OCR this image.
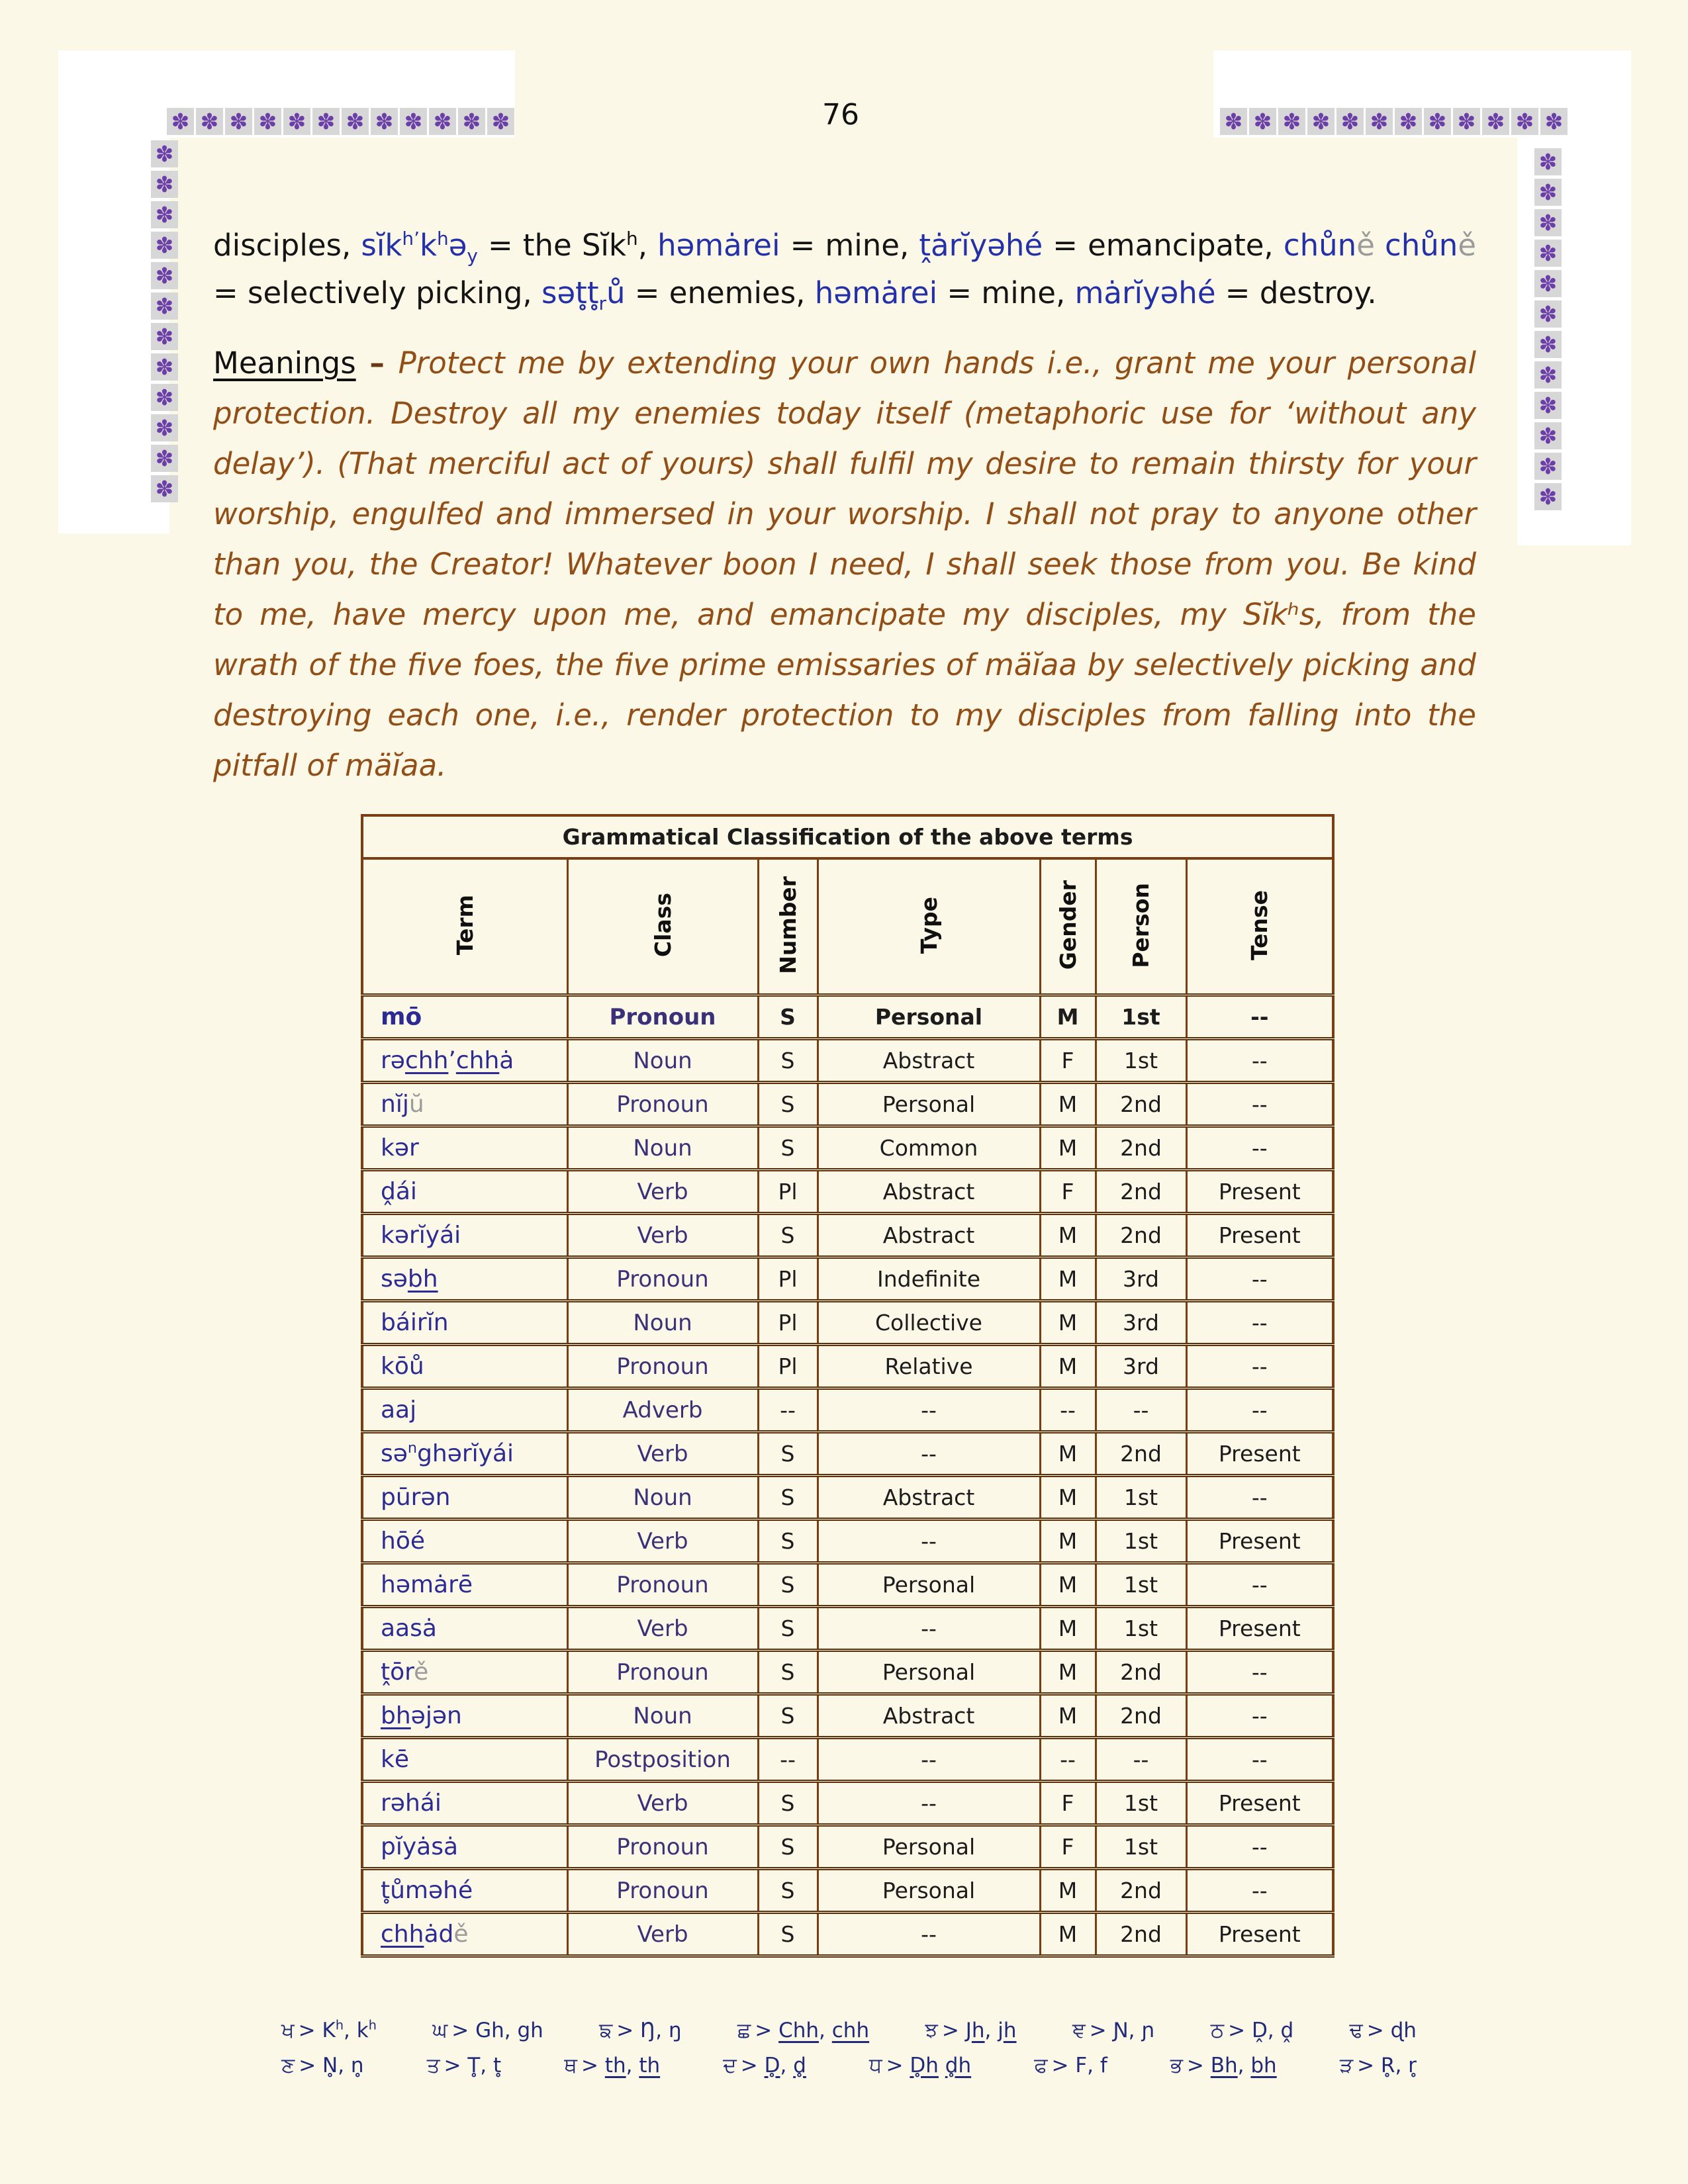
✽ ✽ ✽ ✽ ✽ ✽ ✽ ✽ ✽ ✽ ✽ ✽	✽ ✽ ✽ ✽ ✽ ✽ ✽ ✽ ✽ ✽ ✽ ✽
✽
✽
✽
✽
✽
✽
✽
✽
✽
✽
✽
✽
✽
✽
✽
✽
✽
✽
✽
✽
✽
✽
✽
✽
76

disciples, $sĭk^{h’}k^hə_y$ = the Sĭk$^h$, həmȧrei = mine, ṱȧrĭyəhé = emancipate, chůně chůně = selectively picking, $sət̥t̥_rů$ = enemies, həmȧrei = mine, mȧrĭyəhé = destroy.

Meanings – Protect me by extending your own hands i.e., grant me your personal protection. Destroy all my enemies today itself (metaphoric use for ‘without any delay’). (That merciful act of yours) shall fulfil my desire to remain thirsty for your worship, engulfed and immersed in your worship. I shall not pray to anyone other than you, the Creator! Whatever boon I need, I shall seek those from you. Be kind to me, have mercy upon me, and emancipate my disciples, my Sĭkʰs, from the wrath of the five foes, the five prime emissaries of mäĭaa by selectively picking and destroying each one, i.e., render protection to my disciples from falling into the pitfall of mäĭaa.

Grammatical Classification of the above terms						
Term	Class	Number	Type	Gender	Person	Tense
mō	Pronoun	S	Personal	M	1st	--
rəchh’chhȧ	Noun	S	Abstract	F	1st	--
nĭjŭ	Pronoun	S	Personal	M	2nd	--
kər	Noun	S	Common	M	2nd	--
ḓái	Verb	Pl	Abstract	F	2nd	Present
kərĭyái	Verb	S	Abstract	M	2nd	Present
səbh	Pronoun	Pl	Indefinite	M	3rd	--
báirĭn	Noun	Pl	Collective	M	3rd	--
kōů	Pronoun	Pl	Relative	M	3rd	--
aaj	Adverb	--	--	--	--	--
sə$^n$ghərĭyái	Verb	S	--	M	2nd	Present
pūrən	Noun	S	Abstract	M	1st	--
hōé	Verb	S	--	M	1st	Present
həmȧrē	Pronoun	S	Personal	M	1st	--
aasȧ	Verb	S	--	M	1st	Present
ṱōrě	Pronoun	S	Personal	M	2nd	--
bhəjən	Noun	S	Abstract	M	2nd	--
kē	Postposition	--	--	--	--	--
rəhái	Verb	S	--	F	1st	Present
pĭyȧsȧ	Pronoun	S	Personal	F	1st	--
t̥ůməhé	Pronoun	S	Personal	M	2nd	--
chhȧdě	Verb	S	--	M	2nd	Present
ਖ > $K^h$, $k^h$	ਘ > Gh, gh	ਙ > Ŋ, ŋ	ਛ > Chh, chh	ਝ > Jh, jh	ਞ > Ɲ, ɲ	ਠ > Ḓ, ḓ	ਢ > ɖh
ਣ > N̥, n̥	ਤ > T̥, t̥	ਥ > th, th	ਦ > D̥, d̥	ਧ > D̥h d̥h	ਫ > F, f	ਭ > Bh, bh	ੜ > R̥, r̥
